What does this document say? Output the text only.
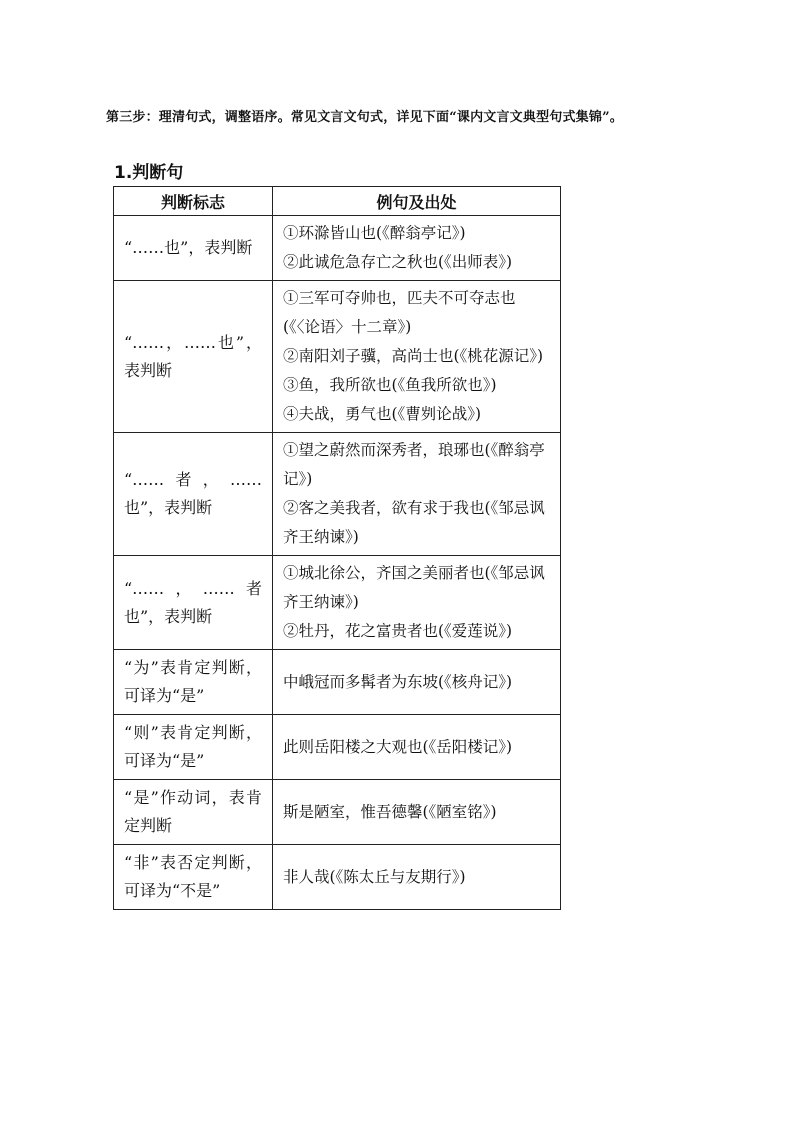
第三步：理清句式，调整语序。常见文言文句式，详见下面“课内文言文典型句式集锦”。
1.判断句
判断标志	例句及出处
“……也”，表判断	①环滁皆山也(《醉翁亭记》)
②此诚危急存亡之秋也(《出师表》)

“……，……也”，表判断	①三军可夺帅也，匹夫不可夺志也(《〈论语〉十二章》)
②南阳刘子骥，高尚士也(《桃花源记》)
③鱼，我所欲也(《鱼我所欲也》)
④夫战，勇气也(《曹刿论战》)

“……者，……也”，表判断	①望之蔚然而深秀者，琅琊也(《醉翁亭记》)
②客之美我者，欲有求于我也(《邹忌讽齐王纳谏》)

“……，……者也”，表判断	①城北徐公，齐国之美丽者也(《邹忌讽齐王纳谏》)
②牡丹，花之富贵者也(《爱莲说》)

“为”表肯定判断，可译为“是”	中峨冠而多髯者为东坡(《核舟记》)

“则”表肯定判断，可译为“是”	此则岳阳楼之大观也(《岳阳楼记》)

“是”作动词，表肯定判断	斯是陋室，惟吾德馨(《陋室铭》)

“非”表否定判断，可译为“不是”	非人哉(《陈太丘与友期行》)
